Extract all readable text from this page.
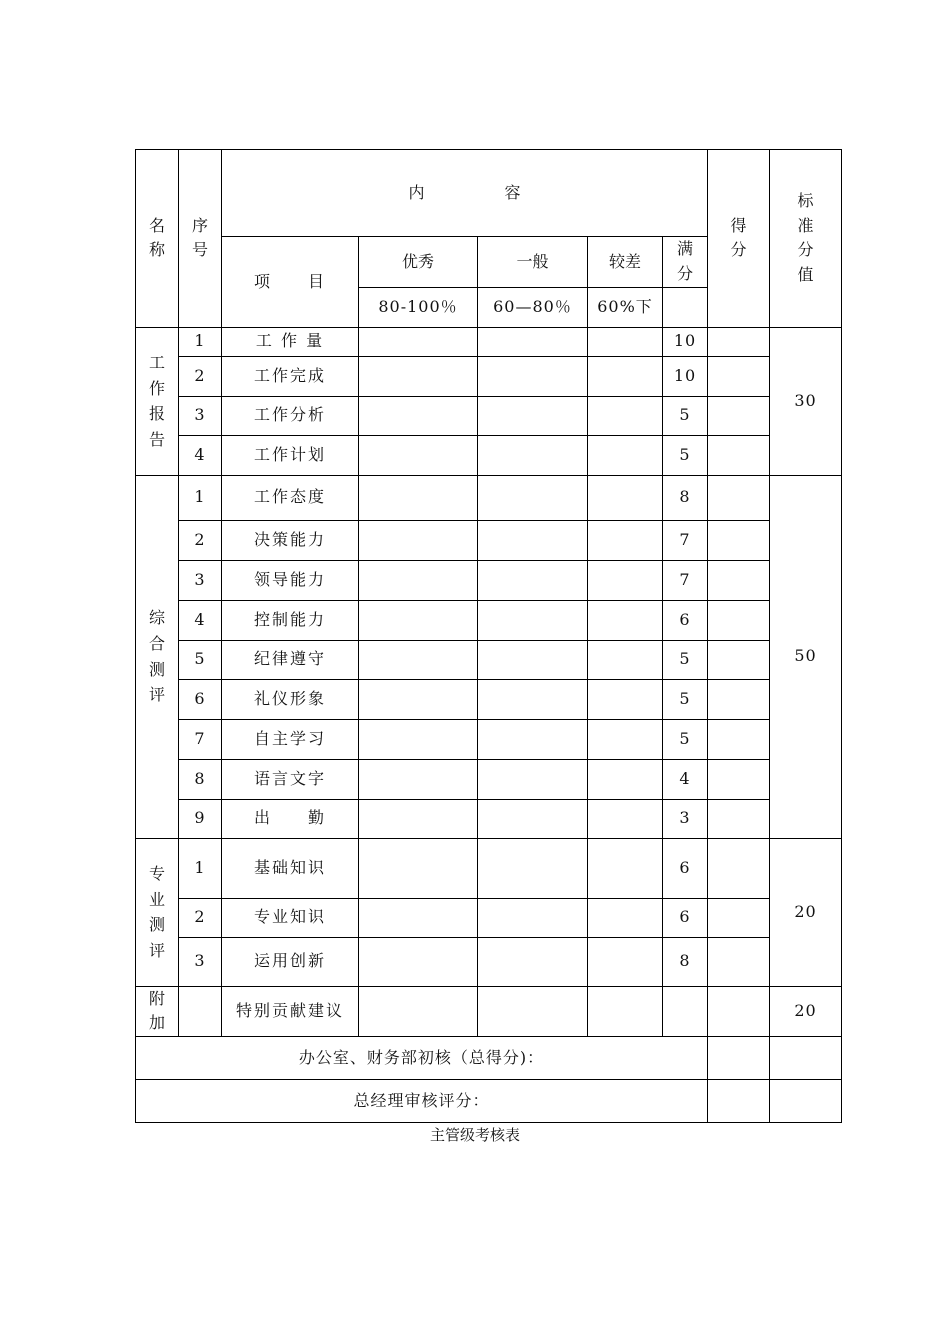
名称	序号	内　　　　　容					得分	标准分值
		项　　目	优秀	一般	较差	满分		
			80-100％	60—80％	60%下			
工作报告	1	工 作 量				10		30
	2	工作完成				10		
	3	工作分析				5		
	4	工作计划				5		
综合测评	1	工作态度				8		50
	2	决策能力				7		
	3	领导能力				7		
	4	控制能力				6		
	5	纪律遵守				5		
	6	礼仪形象				5		
	7	自主学习				5		
	8	语言文字				4		
	9	出　　勤				3		
专业测评	1	基础知识				6		20
	2	专业知识				6		
	3	运用创新				8		
附加		特别贡献建议						20
办公室、财务部初核（总得分)：								
总经理审核评分：								
主管级考核表
